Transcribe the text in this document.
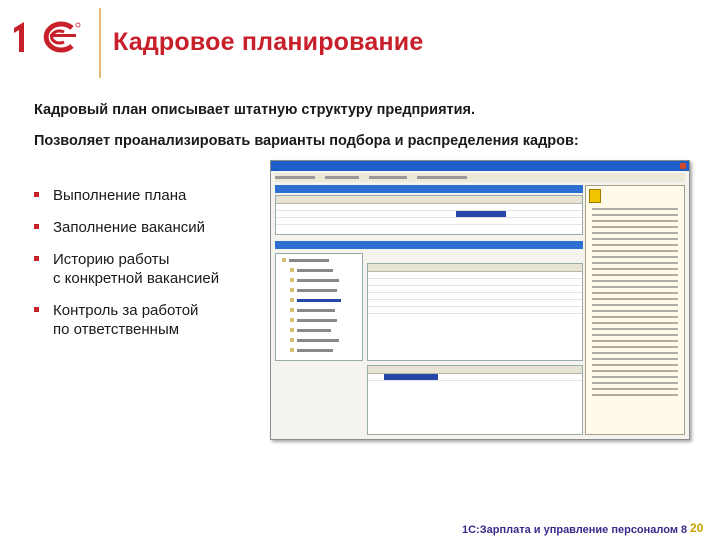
Кадровое планирование
Кадровый план описывает штатную структуру предприятия.
Позволяет проанализировать варианты подбора и распределения кадров:
Выполнение плана
Заполнение вакансий
Историю работы
с конкретной вакансией
Контроль за работой
по ответственным
1С:Зарплата и управление персоналом 8 20
